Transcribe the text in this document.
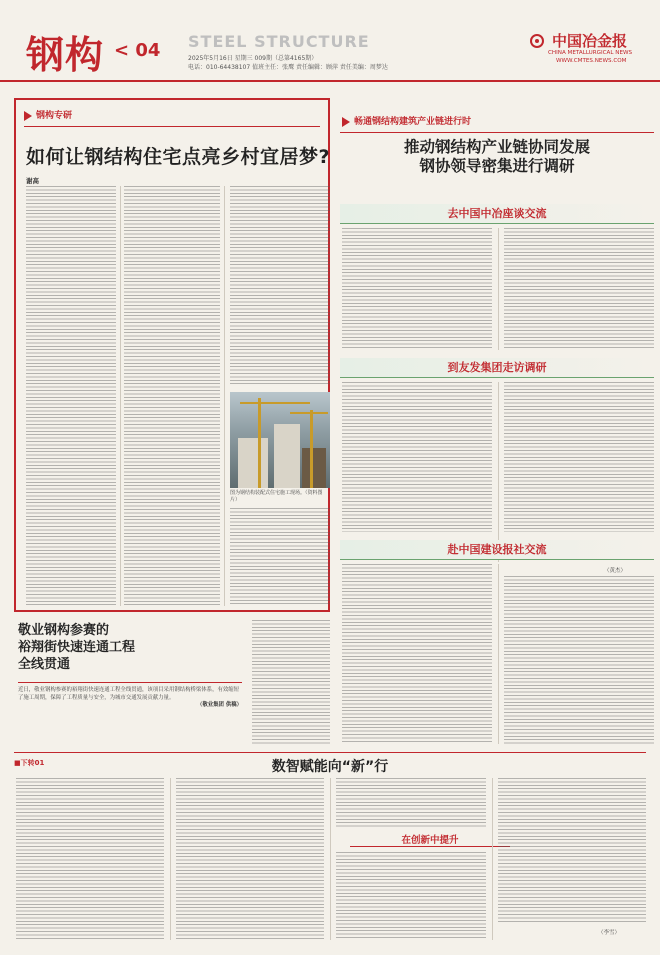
钢构 < 04 STEEL STRUCTURE
2025年5月16日 星期三 009期（总第4165期）
电话：010-64438107 值班主任：张鹰 责任编辑：顾萍 责任美编：周梦达
中国冶金报
CHINA METALLURGICAL NEWS
WWW.CMTES.NEWS.COM
钢构专研
如何让钢结构住宅点亮乡村宜居梦?
谢高
图为钢结构装配式住宅施工现场。（资料图片）
畅通钢结构建筑产业链进行时
推动钢结构产业链协同发展
钢协领导密集进行调研
去中国中冶座谈交流
到友发集团走访调研
赴中国建设报社交流
（黄杰）
敬业钢构参赛的
裕翔街快速连通工程
全线贯通
近日，敬业钢构参赛的裕翔街快速连通工程全线贯通，该项目采用钢结构桥梁体系，有效缩短了施工周期，保障了工程质量与安全，为城市交通发展贡献力量。
（敬业集团 供稿）
■下转01	数智赋能向“新”行
在创新中提升
（李雪）
